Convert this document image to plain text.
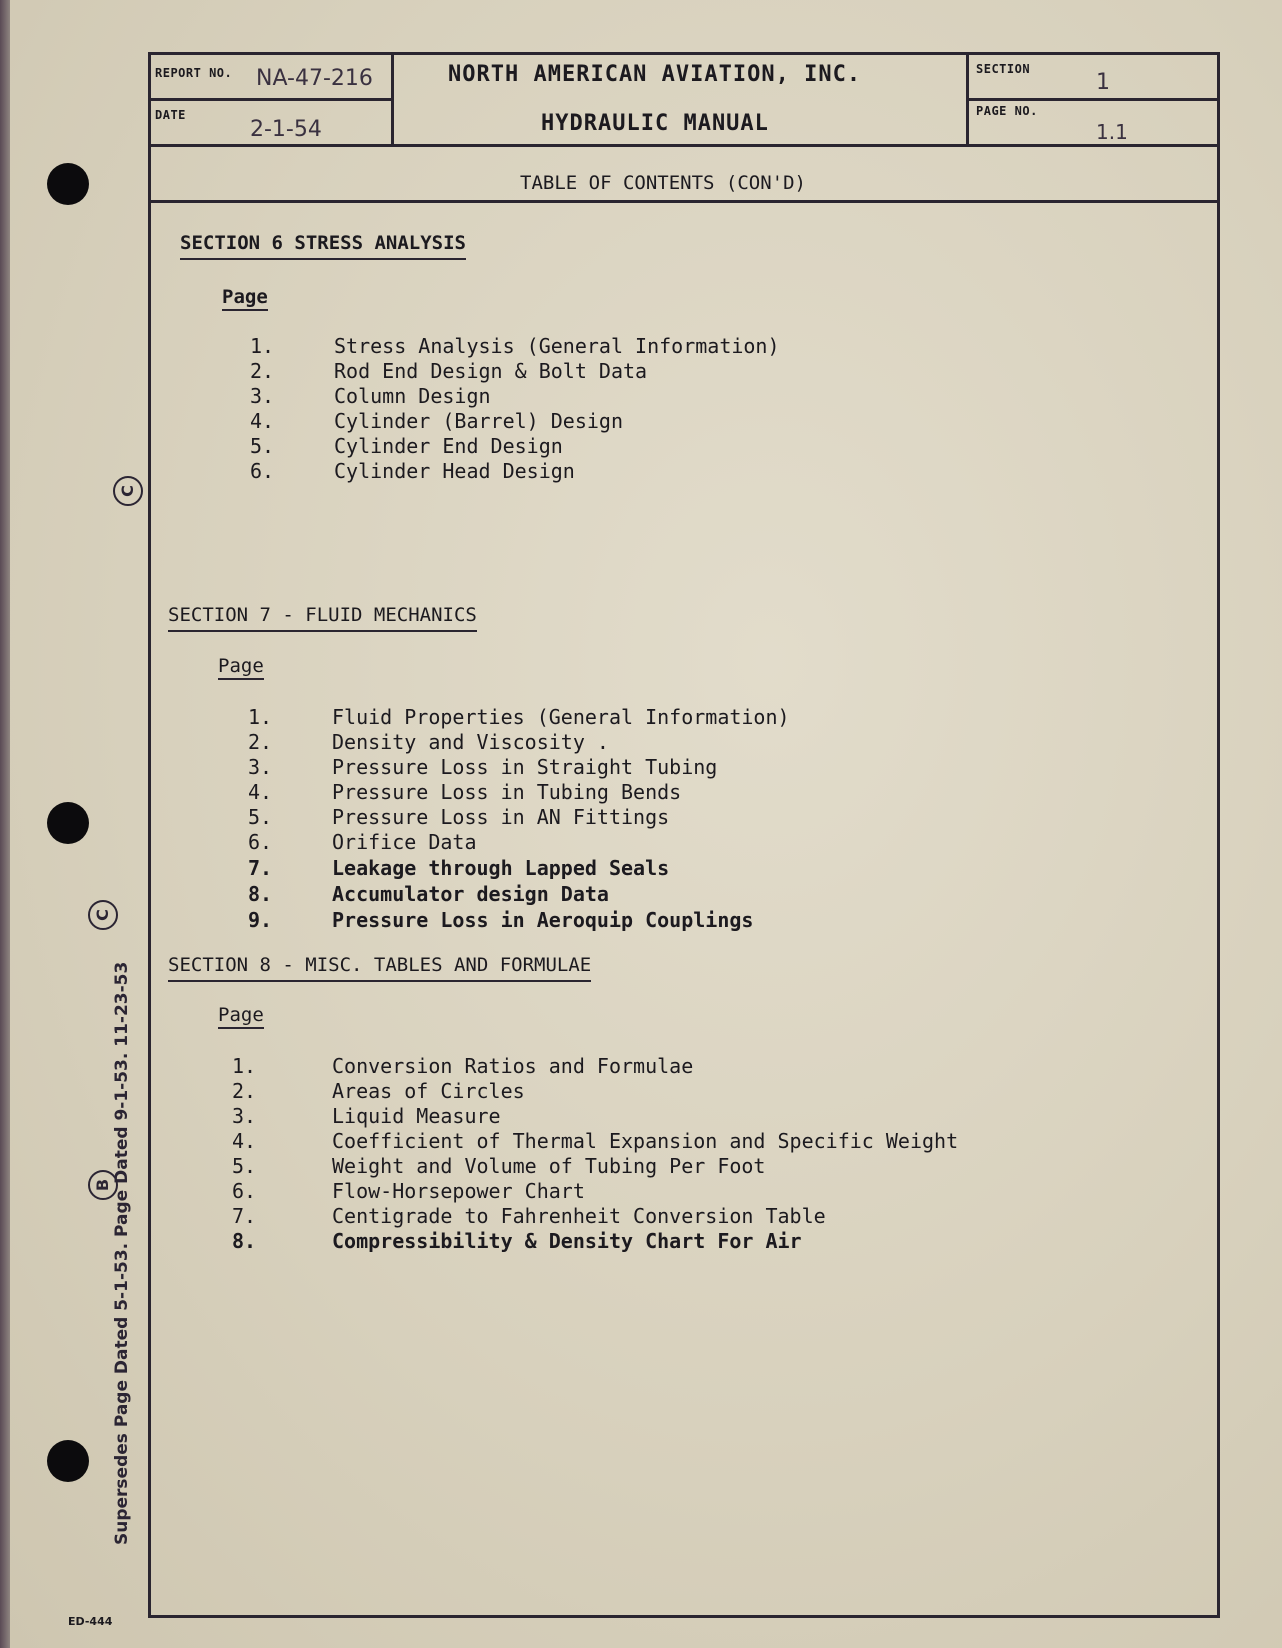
REPORT NO. NA-47-216
DATE
2-1-54
NORTH AMERICAN AVIATION, INC.
HYDRAULIC MANUAL
SECTION
1
PAGE NO.
1.1
TABLE OF CONTENTS (CON'D)
SECTION 6 STRESS ANALYSIS
Page
1.	Stress Analysis (General Information)
2.	Rod End Design & Bolt Data
3.	Column Design
4.	Cylinder (Barrel) Design
5.	Cylinder End Design
6.	Cylinder Head Design
SECTION 7 - FLUID MECHANICS
Page
1.	Fluid Properties (General Information)
2.	Density and Viscosity .
3.	Pressure Loss in Straight Tubing
4.	Pressure Loss in Tubing Bends
5.	Pressure Loss in AN Fittings
6.	Orifice Data
7.	Leakage through Lapped Seals
8.	Accumulator design Data
9.	Pressure Loss in Aeroquip Couplings
SECTION 8 - MISC. TABLES AND FORMULAE
Page
1.	Conversion Ratios and Formulae
2.	Areas of Circles
3.	Liquid Measure
4.	Coefficient of Thermal Expansion and Specific Weight
5.	Weight and Volume of Tubing Per Foot
6.	Flow-Horsepower Chart
7.	Centigrade to Fahrenheit Conversion Table
8.	Compressibility & Density Chart For Air
Supersedes Page Dated 5-1-53. Page Dated 9-1-53. 11-23-53
C
C
B
ED-444
